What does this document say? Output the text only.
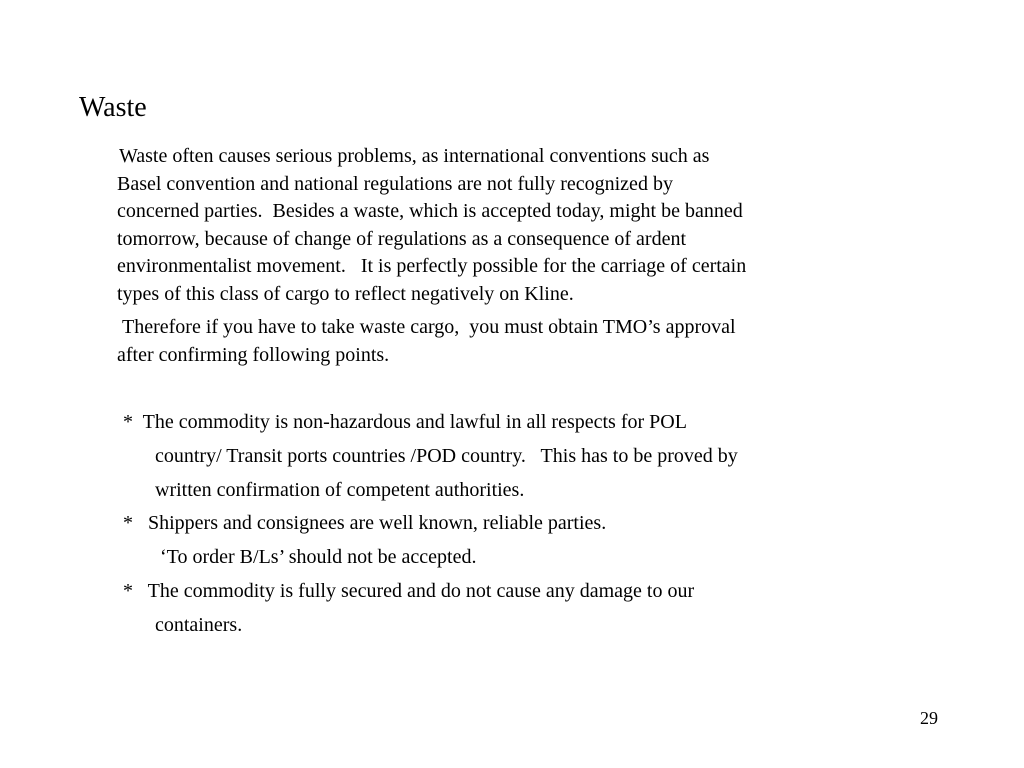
Waste
Waste often causes serious problems, as international conventions such as
Basel convention and national regulations are not fully recognized by
concerned parties.  Besides a waste, which is accepted today, might be banned
tomorrow, because of change of regulations as a consequence of ardent
environmentalist movement.   It is perfectly possible for the carriage of certain
types of this class of cargo to reflect negatively on Kline.
Therefore if you have to take waste cargo,  you must obtain TMO’s approval
after confirming following points.
*  The commodity is non-hazardous and lawful in all respects for POL
country/ Transit ports countries /POD country.   This has to be proved by
written confirmation of competent authorities.
*   Shippers and consignees are well known, reliable parties.
‘To order B/Ls’ should not be accepted.
*   The commodity is fully secured and do not cause any damage to our
containers.
29
